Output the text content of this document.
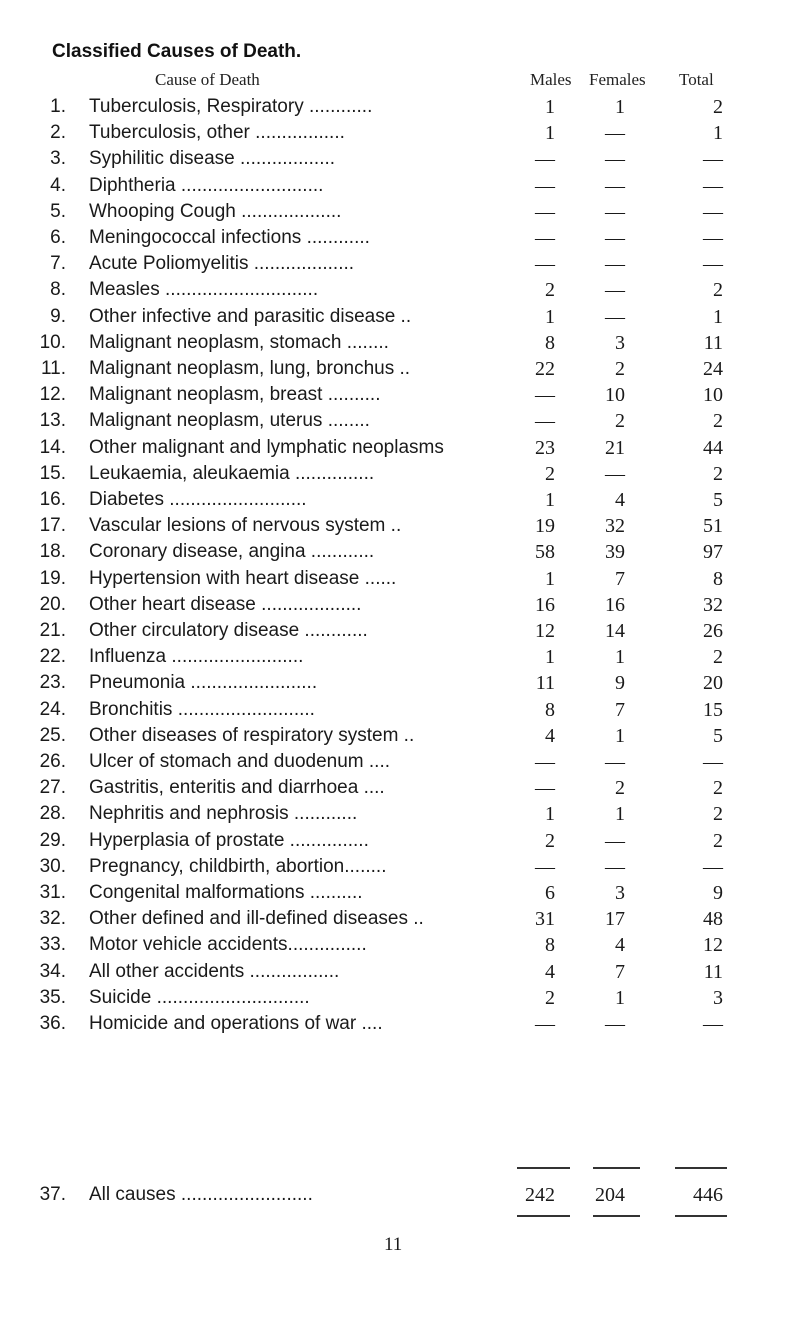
Classified Causes of Death.
Cause of Death	Males Females Total
1. Tuberculosis, Respiratory ............	1	1	2
2. Tuberculosis, other .................	1	—	1
3. Syphilitic disease ..................	—	—	—
4. Diphtheria ...........................	—	—	—
5. Whooping Cough ...................	—	—	—
6. Meningococcal infections ............	—	—	—
7. Acute Poliomyelitis ...................	—	—	—
8. Measles .............................	2	—	2
9. Other infective and parasitic disease ..	1	—	1
10. Malignant neoplasm, stomach ........	8	3	11
11. Malignant neoplasm, lung, bronchus ..	22	2	24
12. Malignant neoplasm, breast ..........	—	10	10
13. Malignant neoplasm, uterus ........	—	2	2
14. Other malignant and lymphatic neoplasms	23	21	44
15. Leukaemia, aleukaemia ...............	2	—	2
16. Diabetes ..........................	1	4	5
17. Vascular lesions of nervous system ..	19	32	51
18. Coronary disease, angina ............	58	39	97
19. Hypertension with heart disease ......	1	7	8
20. Other heart disease ...................	16	16	32
21. Other circulatory disease ............	12	14	26
22. Influenza .........................	1	1	2
23. Pneumonia ........................	11	9	20
24. Bronchitis ..........................	8	7	15
25. Other diseases of respiratory system ..	4	1	5
26. Ulcer of stomach and duodenum ....	—	—	—
27. Gastritis, enteritis and diarrhoea ....	—	2	2
28. Nephritis and nephrosis ............	1	1	2
29. Hyperplasia of prostate ...............	2	—	2
30. Pregnancy, childbirth, abortion........	—	—	—
31. Congenital malformations ..........	6	3	9
32. Other defined and ill-defined diseases ..	31	17	48
33. Motor vehicle accidents...............	8	4	12
34. All other accidents .................	4	7	11
35. Suicide .............................	2	1	3
36. Homicide and operations of war ....	—	—	—
37. All causes .........................	242	204	446
11
